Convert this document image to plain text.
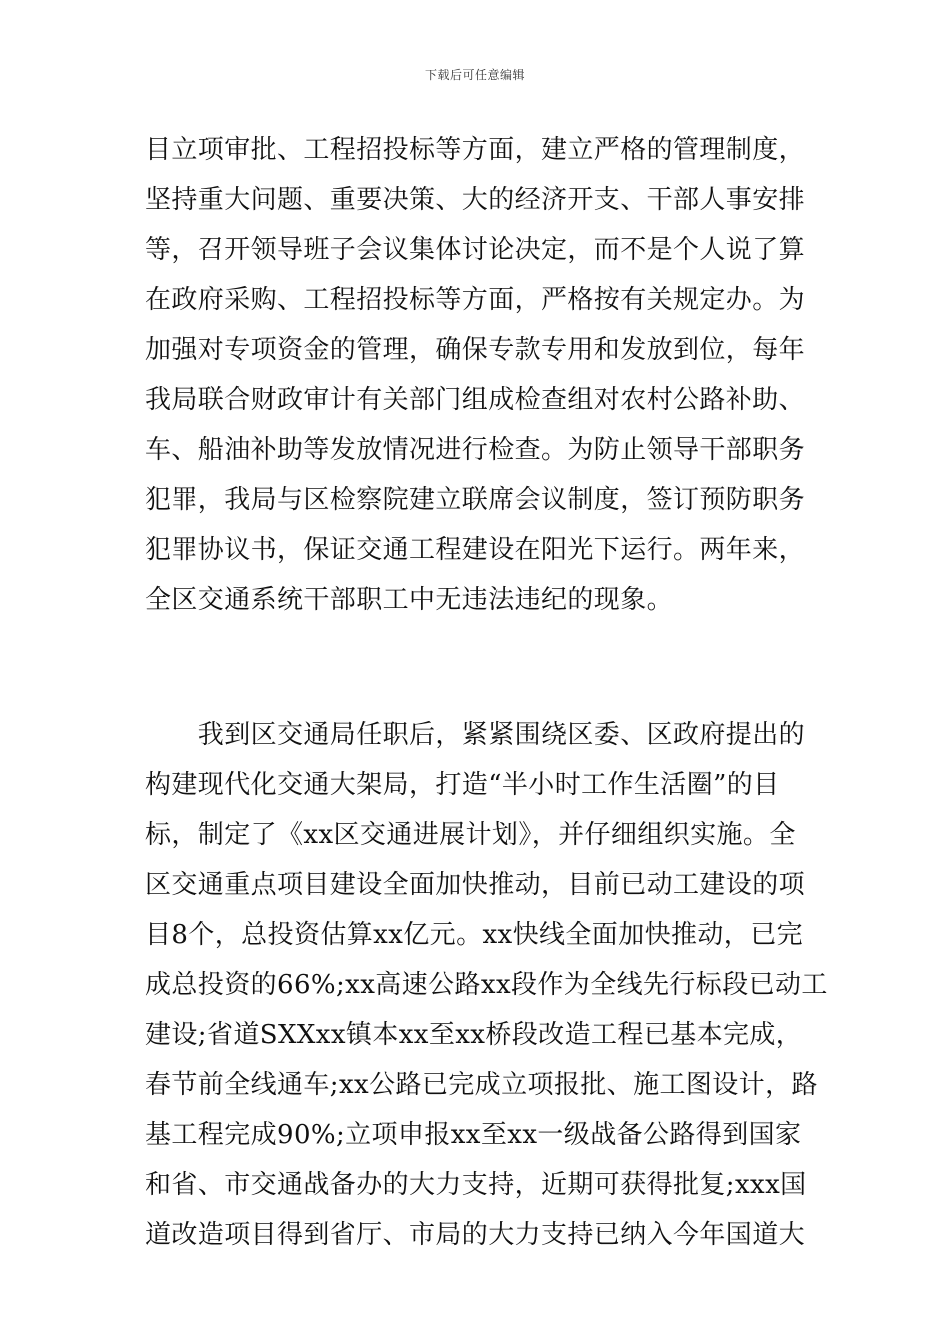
下载后可任意编辑
目立项审批、工程招投标等方面，建立严格的管理制度，
坚持重大问题、重要决策、大的经济开支、干部人事安排
等，召开领导班子会议集体讨论决定，而不是个人说了算
在政府采购、工程招投标等方面，严格按有关规定办。为
加强对专项资金的管理，确保专款专用和发放到位，每年
我局联合财政审计有关部门组成检查组对农村公路补助、
车、船油补助等发放情况进行检查。为防止领导干部职务
犯罪，我局与区检察院建立联席会议制度，签订预防职务
犯罪协议书，保证交通工程建设在阳光下运行。两年来，
全区交通系统干部职工中无违法违纪的现象。
　　我到区交通局任职后，紧紧围绕区委、区政府提出的
构建现代化交通大架局，打造“半小时工作生活圈”的目
标，制定了《xx区交通进展计划》，并仔细组织实施。全
区交通重点项目建设全面加快推动，目前已动工建设的项
目8个，总投资估算xx亿元。xx快线全面加快推动，已完
成总投资的66%;xx高速公路xx段作为全线先行标段已动工
建设;省道SXXxx镇本xx至xx桥段改造工程已基本完成，
春节前全线通车;xx公路已完成立项报批、施工图设计，路
基工程完成90%;立项申报xx至xx一级战备公路得到国家
和省、市交通战备办的大力支持，近期可获得批复;xxx国
道改造项目得到省厅、市局的大力支持已纳入今年国道大
